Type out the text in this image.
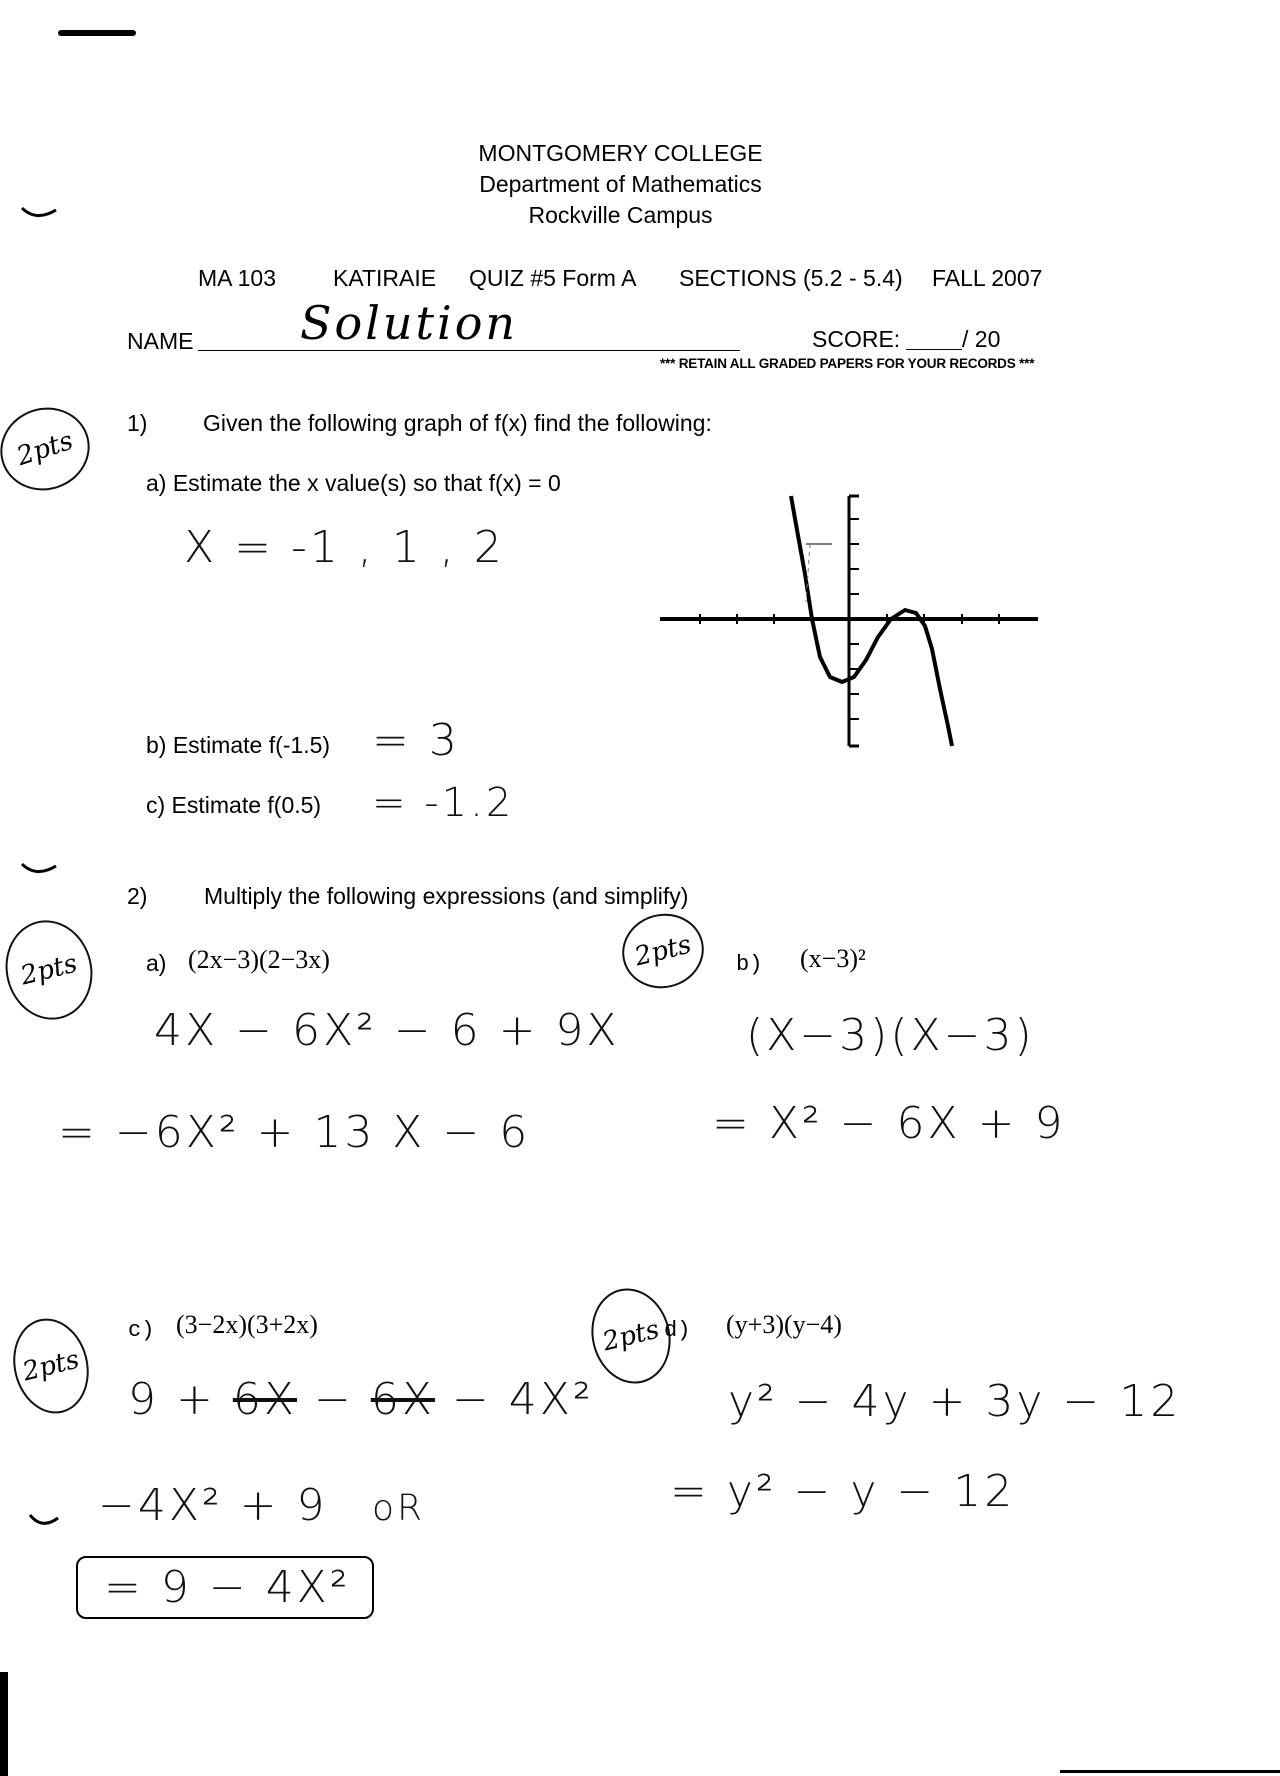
MONTGOMERY COLLEGE
Department of Mathematics
Rockville Campus
MA 103 KATIRAIE QUIZ #5 Form A SECTIONS (5.2 - 5.4) FALL 2007
NAME Solution	SCORE:	/ 20
*** RETAIN ALL GRADED PAPERS FOR YOUR RECORDS ***
2pts
1) Given the following graph of f(x) find the following:
a) Estimate the x value(s) so that f(x) = 0
X = -1 , 1 , 2
b) Estimate f(-1.5) = 3
c) Estimate f(0.5) = -1.2
2) Multiply the following expressions (and simplify)
2pts	a) (2x−3)(2−3x)
4X − 6X² − 6 + 9X
= −6X² + 13 X − 6
2pts b) (x−3)²
(X−3)(X−3)
= X² − 6X + 9
2pts
c) (3−2x)(3+2x)
9 + 6X − 6X − 4X²
−4X² + 9 oR
= 9 − 4X²
2pts d) (y+3)(y−4)
y² − 4y + 3y − 12
= y² − y − 12
